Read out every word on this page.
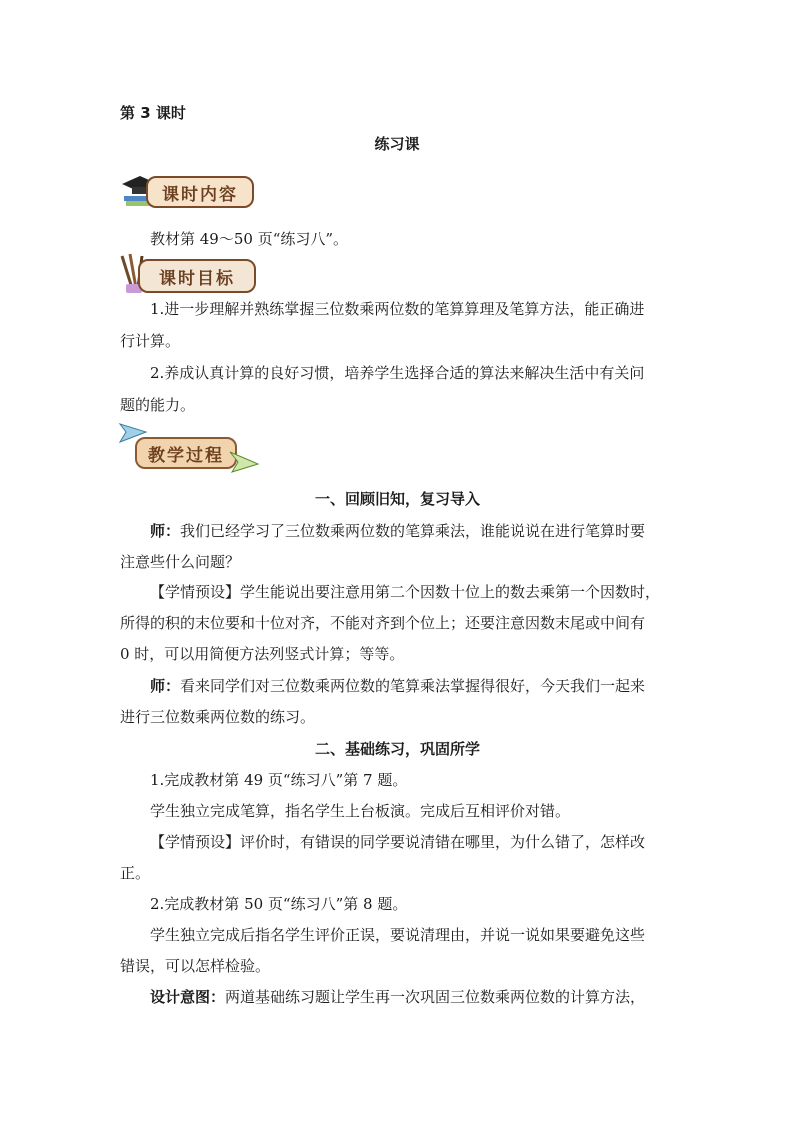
第 3 课时
练习课
课时内容
教材第 49～50 页“练习八”。
课时目标
1.进一步理解并熟练掌握三位数乘两位数的笔算算理及笔算方法，能正确进
行计算。
2.养成认真计算的良好习惯，培养学生选择合适的算法来解决生活中有关问
题的能力。
教学过程
一、回顾旧知，复习导入
师：我们已经学习了三位数乘两位数的笔算乘法，谁能说说在进行笔算时要
注意些什么问题？
【学情预设】学生能说出要注意用第二个因数十位上的数去乘第一个因数时，
所得的积的末位要和十位对齐，不能对齐到个位上；还要注意因数末尾或中间有
0 时，可以用简便方法列竖式计算；等等。
师：看来同学们对三位数乘两位数的笔算乘法掌握得很好，今天我们一起来
进行三位数乘两位数的练习。
二、基础练习，巩固所学
1.完成教材第 49 页“练习八”第 7 题。
学生独立完成笔算，指名学生上台板演。完成后互相评价对错。
【学情预设】评价时，有错误的同学要说清错在哪里，为什么错了，怎样改
正。
2.完成教材第 50 页“练习八”第 8 题。
学生独立完成后指名学生评价正误，要说清理由，并说一说如果要避免这些
错误，可以怎样检验。
设计意图：两道基础练习题让学生再一次巩固三位数乘两位数的计算方法，
